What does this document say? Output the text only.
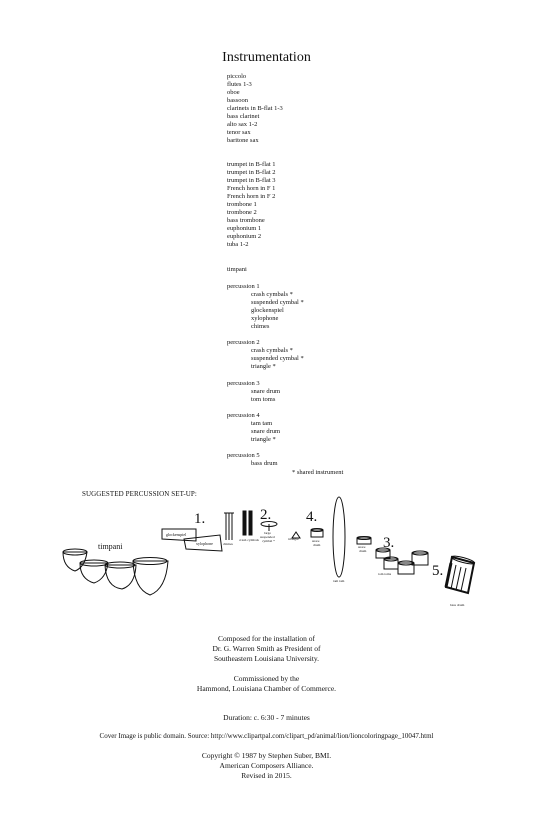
Instrumentation
piccolo
flutes 1-3
oboe
bassoon
clarinets in B-flat 1-3
bass clarinet
alto sax 1-2
tenor sax
baritone sax
trumpet in B-flat 1
trumpet in B-flat 2
trumpet in B-flat 3
French horn in F 1
French horn in F 2
trombone 1
trombone 2
bass trombone
euphonium 1
euphonium 2
tuba 1-2
timpani
percussion 1
crash cymbals *
suspended cymbal *
glockenspiel
xylophone
chimes
percussion 2
crash cymbals *
suspended cymbal *
triangle *
percussion 3
snare drum
tom toms
percussion 4
tam tam
snare drum
triangle *
percussion 5
bass drum
* shared instrument
SUGGESTED PERCUSSION SET-UP:
timpani
1.	2. 4.
3.
5.
glockenspiel
xylophone	chimes
crash cymbals
large
suspended
cymbal *	triangle	snare
drum
tam tam
snare
drum
tom toms
bass drum
Composed for the installation of
Dr. G. Warren Smith as President of
Southeastern Louisiana University.
Commissioned by the
Hammond, Louisiana Chamber of Commerce.
Duration: c. 6:30 - 7 minutes
Cover Image is public domain. Source: http://www.clipartpal.com/clipart_pd/animal/lion/lioncoloringpage_10047.html
Copyright © 1987 by Stephen Suber, BMI.
American Composers Alliance.
Revised in 2015.
